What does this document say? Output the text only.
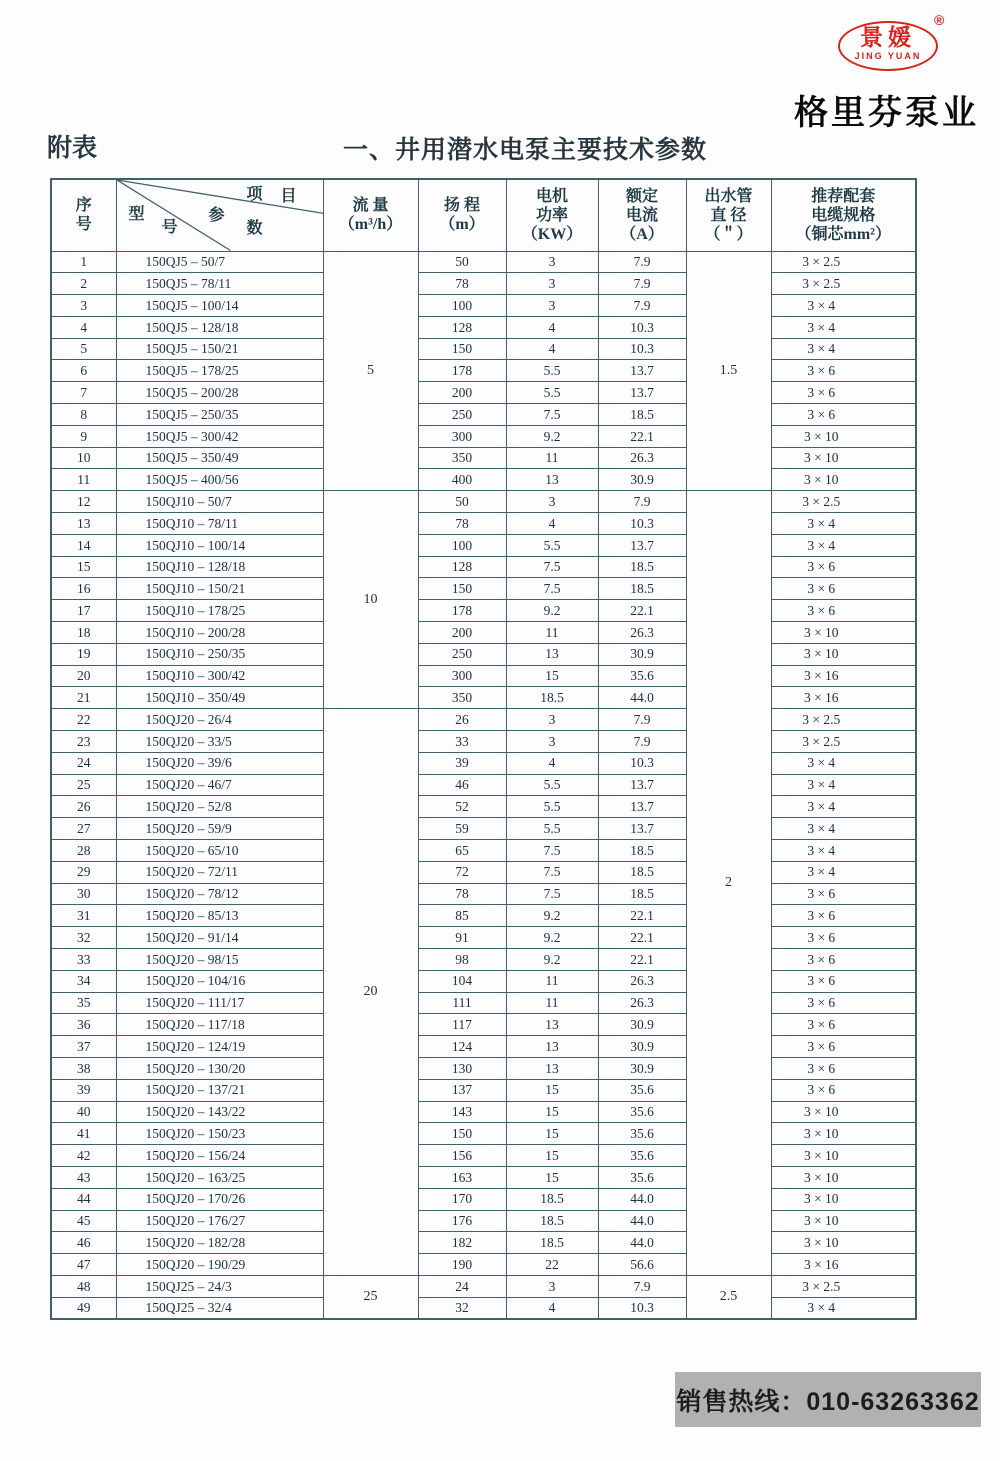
景媛
JING YUAN
®
格里芬泵业
附表	一、井用潜水电泵主要技术参数
序
号

项 目
参
数
型
号

流 量
（m³/h）

扬 程
（m）

电机
功率
（KW）

额定
电流
（A）

出水管
直 径
（＂）

推荐配套
电缆规格
（铜芯mm²）

1	150QJ5 – 50/7	5	50	3	7.9	1.5	3 × 2.5
2	150QJ5 – 78/11		78	3	7.9		3 × 2.5
3	150QJ5 – 100/14		100	3	7.9		3 × 4
4	150QJ5 – 128/18		128	4	10.3		3 × 4
5	150QJ5 – 150/21		150	4	10.3		3 × 4
6	150QJ5 – 178/25		178	5.5	13.7		3 × 6
7	150QJ5 – 200/28		200	5.5	13.7		3 × 6
8	150QJ5 – 250/35		250	7.5	18.5		3 × 6
9	150QJ5 – 300/42		300	9.2	22.1		3 × 10
10	150QJ5 – 350/49		350	11	26.3		3 × 10
11	150QJ5 – 400/56		400	13	30.9		3 × 10
12	150QJ10 – 50/7	10	50	3	7.9	2	3 × 2.5
13	150QJ10 – 78/11		78	4	10.3		3 × 4
14	150QJ10 – 100/14		100	5.5	13.7		3 × 4
15	150QJ10 – 128/18		128	7.5	18.5		3 × 6
16	150QJ10 – 150/21		150	7.5	18.5		3 × 6
17	150QJ10 – 178/25		178	9.2	22.1		3 × 6
18	150QJ10 – 200/28		200	11	26.3		3 × 10
19	150QJ10 – 250/35		250	13	30.9		3 × 10
20	150QJ10 – 300/42		300	15	35.6		3 × 16
21	150QJ10 – 350/49		350	18.5	44.0		3 × 16
22	150QJ20 – 26/4	20	26	3	7.9		3 × 2.5
23	150QJ20 – 33/5		33	3	7.9		3 × 2.5
24	150QJ20 – 39/6		39	4	10.3		3 × 4
25	150QJ20 – 46/7		46	5.5	13.7		3 × 4
26	150QJ20 – 52/8		52	5.5	13.7		3 × 4
27	150QJ20 – 59/9		59	5.5	13.7		3 × 4
28	150QJ20 – 65/10		65	7.5	18.5		3 × 4
29	150QJ20 – 72/11		72	7.5	18.5		3 × 4
30	150QJ20 – 78/12		78	7.5	18.5		3 × 6
31	150QJ20 – 85/13		85	9.2	22.1		3 × 6
32	150QJ20 – 91/14		91	9.2	22.1		3 × 6
33	150QJ20 – 98/15		98	9.2	22.1		3 × 6
34	150QJ20 – 104/16		104	11	26.3		3 × 6
35	150QJ20 – 111/17		111	11	26.3		3 × 6
36	150QJ20 – 117/18		117	13	30.9		3 × 6
37	150QJ20 – 124/19		124	13	30.9		3 × 6
38	150QJ20 – 130/20		130	13	30.9		3 × 6
39	150QJ20 – 137/21		137	15	35.6		3 × 6
40	150QJ20 – 143/22		143	15	35.6		3 × 10
41	150QJ20 – 150/23		150	15	35.6		3 × 10
42	150QJ20 – 156/24		156	15	35.6		3 × 10
43	150QJ20 – 163/25		163	15	35.6		3 × 10
44	150QJ20 – 170/26		170	18.5	44.0		3 × 10
45	150QJ20 – 176/27		176	18.5	44.0		3 × 10
46	150QJ20 – 182/28		182	18.5	44.0		3 × 10
47	150QJ20 – 190/29		190	22	56.6		3 × 16
48	150QJ25 – 24/3	25	24	3	7.9	2.5	3 × 2.5
49	150QJ25 – 32/4		32	4	10.3		3 × 4
销售热线：010-63263362
